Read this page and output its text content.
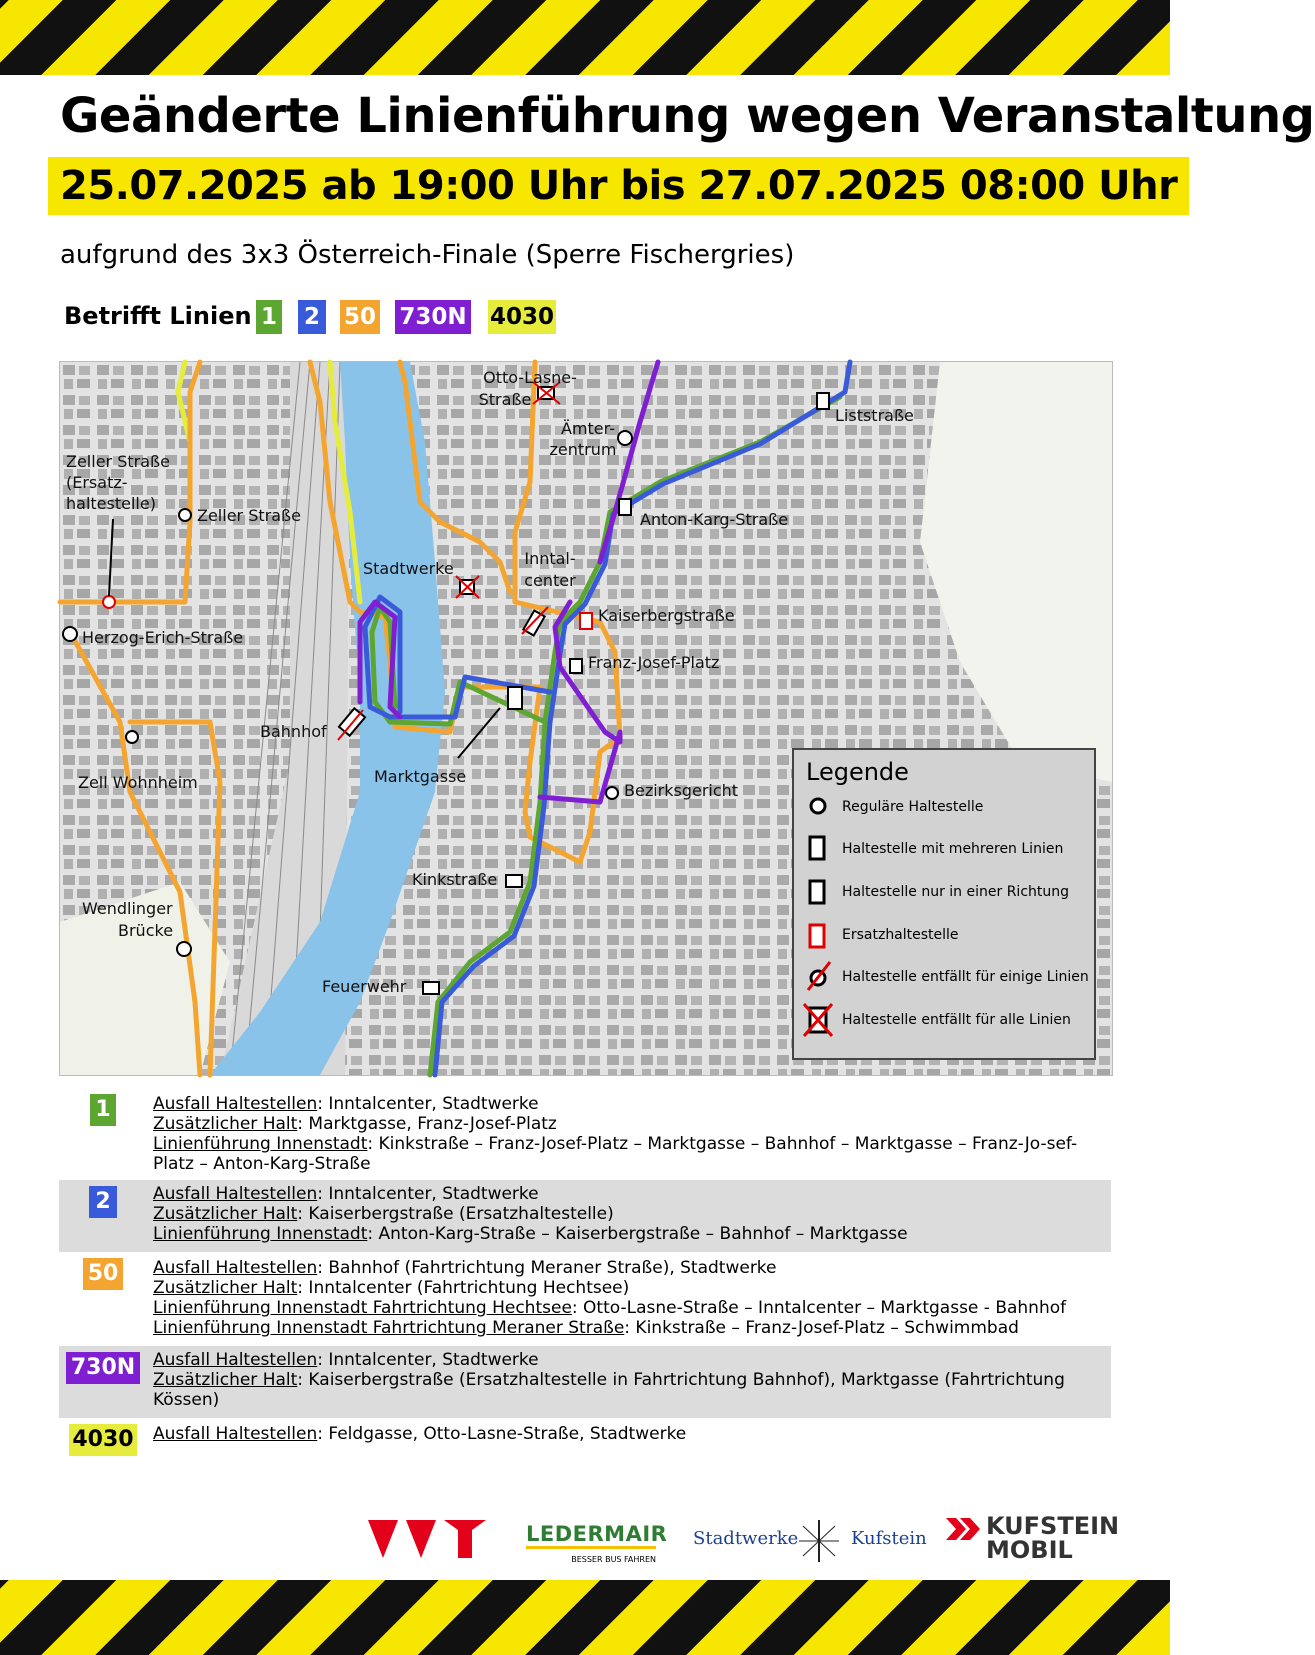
Geänderte Linienführung wegen Veranstaltung
25.07.2025 ab 19:00 Uhr bis 27.07.2025 08:00 Uhr
aufgrund des 3x3 Österreich-Finale (Sperre Fischergries)
Betrifft Linien 1 2 50 730N 4030
Otto-Lasne-
Straße
Ämter-
zentrum
Liststraße
Anton-Karg-Straße
Zeller Straße
(Ersatz-
haltestelle)
Zeller Straße
Stadtwerke
Inntal-
center
Kaiserbergstraße
Franz-Josef-Platz
Herzog-Erich-Straße
Bahnhof
Marktgasse
Zell Wohnheim	Bezirksgericht
Kinkstraße
Wendlinger
Brücke
Feuerwehr
Legende
Reguläre Haltestelle
Haltestelle mit mehreren Linien
Haltestelle nur in einer Richtung
Ersatzhaltestelle
Haltestelle entfällt für einige Linien
Haltestelle entfällt für alle Linien
1	Ausfall Haltestellen: Inntalcenter, Stadtwerke
Zusätzlicher Halt: Marktgasse, Franz-Josef-Platz
Linienführung Innenstadt: Kinkstraße – Franz-Josef-Platz – Marktgasse – Bahnhof – Marktgasse – Franz-Jo-sef-Platz – Anton-Karg-Straße
2	Ausfall Haltestellen: Inntalcenter, Stadtwerke
Zusätzlicher Halt: Kaiserbergstraße (Ersatzhaltestelle)
Linienführung Innenstadt: Anton-Karg-Straße – Kaiserbergstraße – Bahnhof – Marktgasse
50 Ausfall Haltestellen: Bahnhof (Fahrtrichtung Meraner Straße), Stadtwerke
Zusätzlicher Halt: Inntalcenter (Fahrtrichtung Hechtsee)
Linienführung Innenstadt Fahrtrichtung Hechtsee: Otto-Lasne-Straße – Inntalcenter – Marktgasse - Bahnhof
Linienführung Innenstadt Fahrtrichtung Meraner Straße: Kinkstraße – Franz-Josef-Platz – Schwimmbad
730N Ausfall Haltestellen: Inntalcenter, Stadtwerke
Zusätzlicher Halt: Kaiserbergstraße (Ersatzhaltestelle in Fahrtrichtung Bahnhof), Marktgasse (Fahrtrichtung Kössen)
4030 Ausfall Haltestellen: Feldgasse, Otto-Lasne-Straße, Stadtwerke
LEDERMAIR
BESSER BUS FAHREN
Stadtwerke	Kufstein KUFSTEIN
MOBIL
